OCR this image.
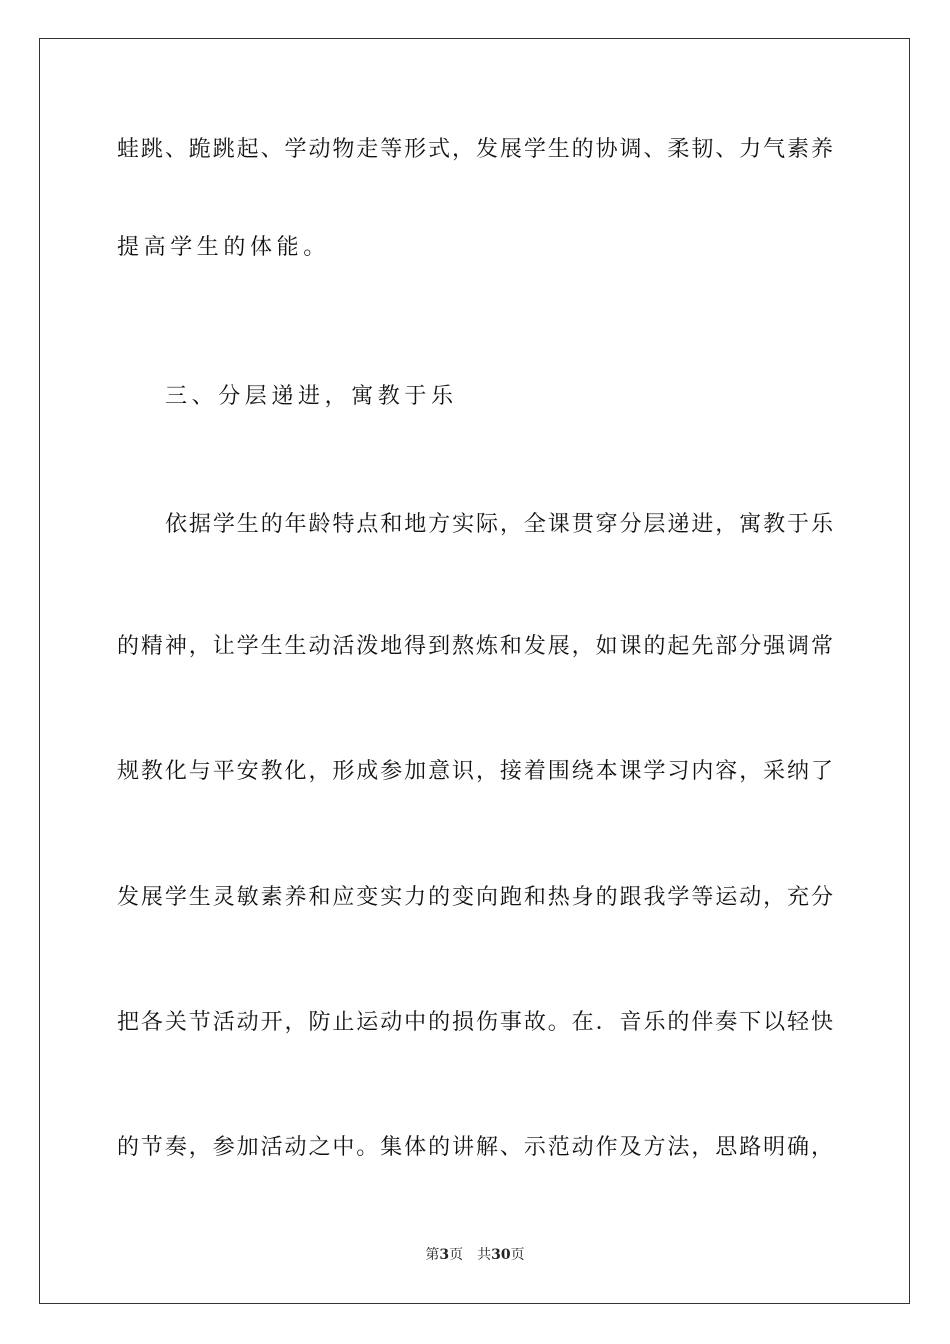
蛙跳、跪跳起、学动物走等形式，发展学生的协调、柔韧、力气素养
提高学生的体能。
三、分层递进，寓教于乐
依据学生的年龄特点和地方实际，全课贯穿分层递进，寓教于乐
的精神，让学生生动活泼地得到熬炼和发展，如课的起先部分强调常
规教化与平安教化，形成参加意识，接着围绕本课学习内容，采纳了
发展学生灵敏素养和应变实力的变向跑和热身的跟我学等运动，充分
把各关节活动开，防止运动中的损伤事故。在．音乐的伴奏下以轻快
的节奏，参加活动之中。集体的讲解、示范动作及方法，思路明确，
第3页 共30页
